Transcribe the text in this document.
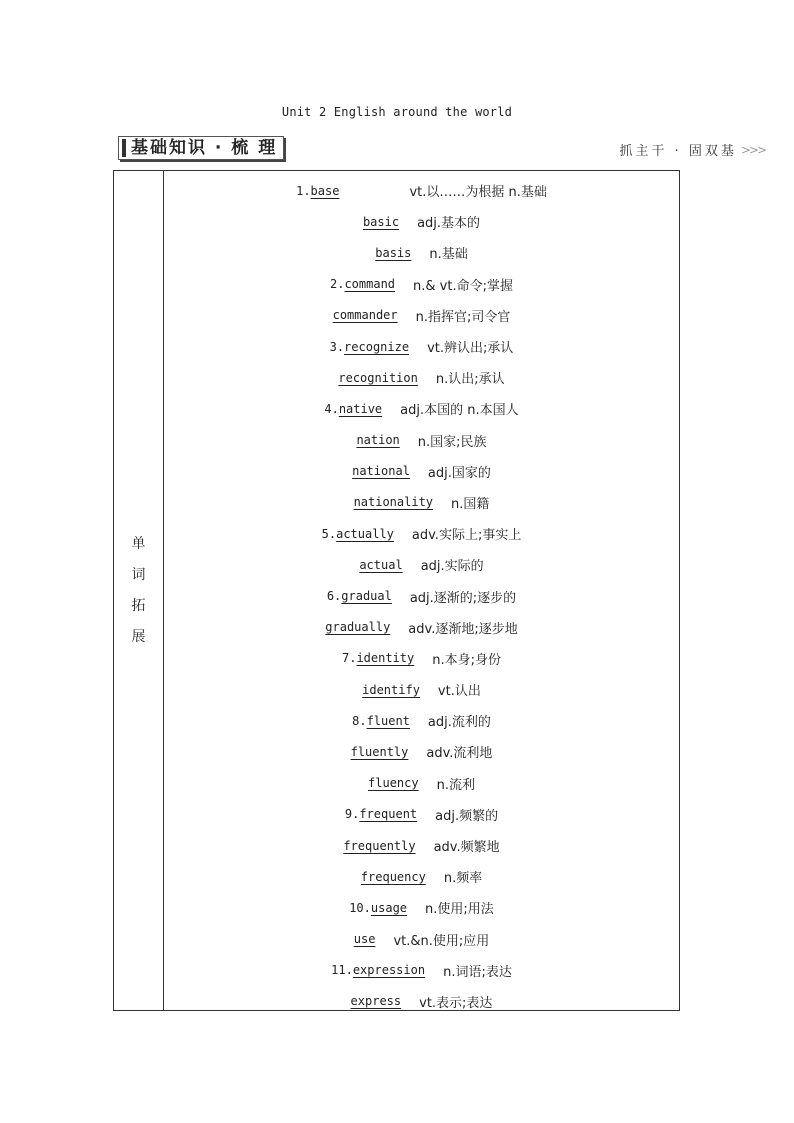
Unit 2 English around the world
基础知识 · 梳 理	抓主干 · 固双基 >>>
单
词
拓
展
1. base	vt.以……为根据 n.基础
basic adj.基本的
basis n.基础
2. command n.& vt.命令;掌握
commander n.指挥官;司令官
3. recognize vt.辨认出;承认
recognition n.认出;承认
4. native adj.本国的 n.本国人
nation n.国家;民族
national adj.国家的
nationality n.国籍
5. actually adv.实际上;事实上
actual adj.实际的
6. gradual adj.逐渐的;逐步的
gradually adv.逐渐地;逐步地
7. identity n.本身;身份
identify vt.认出
8. fluent adj.流利的
fluently adv.流利地
fluency n.流利
9. frequent adj.频繁的
frequently adv.频繁地
frequency n.频率
10. usage n.使用;用法
use vt.&n.使用;应用
11. expression n.词语;表达
express vt.表示;表达
